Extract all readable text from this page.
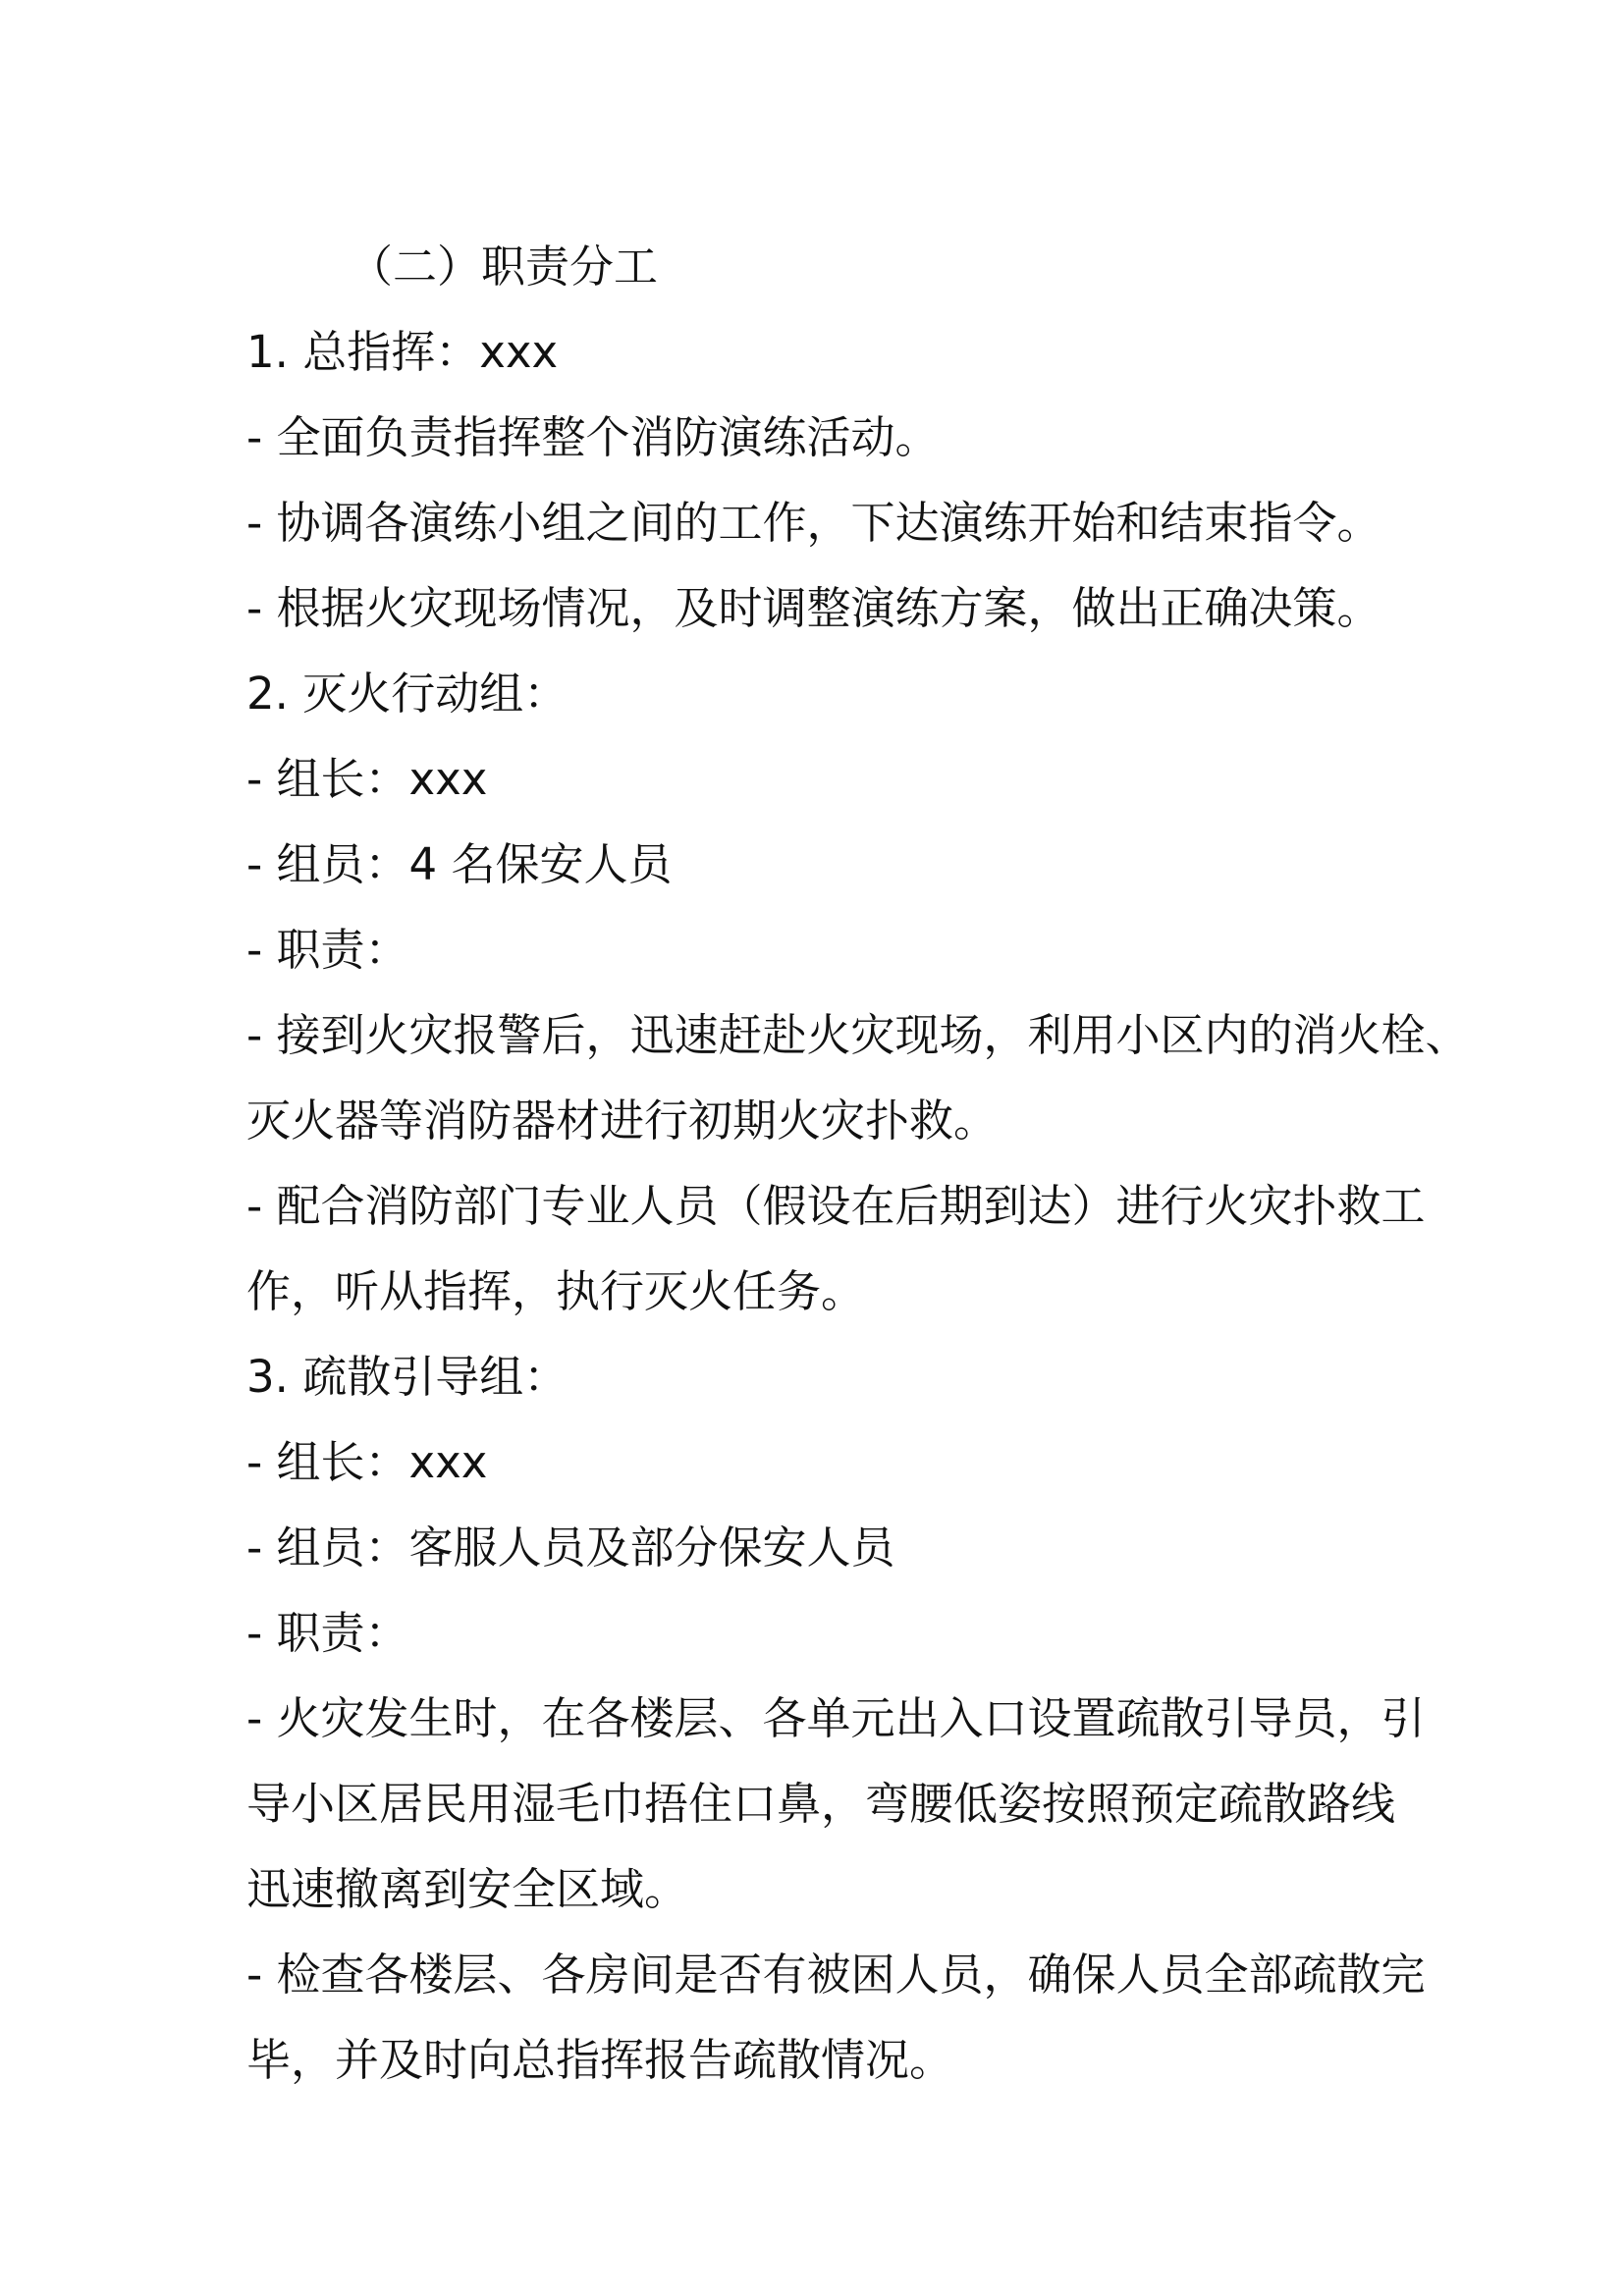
（二）职责分工
1. 总指挥：xxx
- 全面负责指挥整个消防演练活动。
- 协调各演练小组之间的工作，下达演练开始和结束指令。
- 根据火灾现场情况，及时调整演练方案，做出正确决策。
2. 灭火行动组：
- 组长：xxx
- 组员：4 名保安人员
- 职责：
- 接到火灾报警后，迅速赶赴火灾现场，利用小区内的消火栓、
灭火器等消防器材进行初期火灾扑救。
- 配合消防部门专业人员（假设在后期到达）进行火灾扑救工
作，听从指挥，执行灭火任务。
3. 疏散引导组：
- 组长：xxx
- 组员：客服人员及部分保安人员
- 职责：
- 火灾发生时，在各楼层、各单元出入口设置疏散引导员，引
导小区居民用湿毛巾捂住口鼻，弯腰低姿按照预定疏散路线
迅速撤离到安全区域。
- 检查各楼层、各房间是否有被困人员，确保人员全部疏散完
毕，并及时向总指挥报告疏散情况。
